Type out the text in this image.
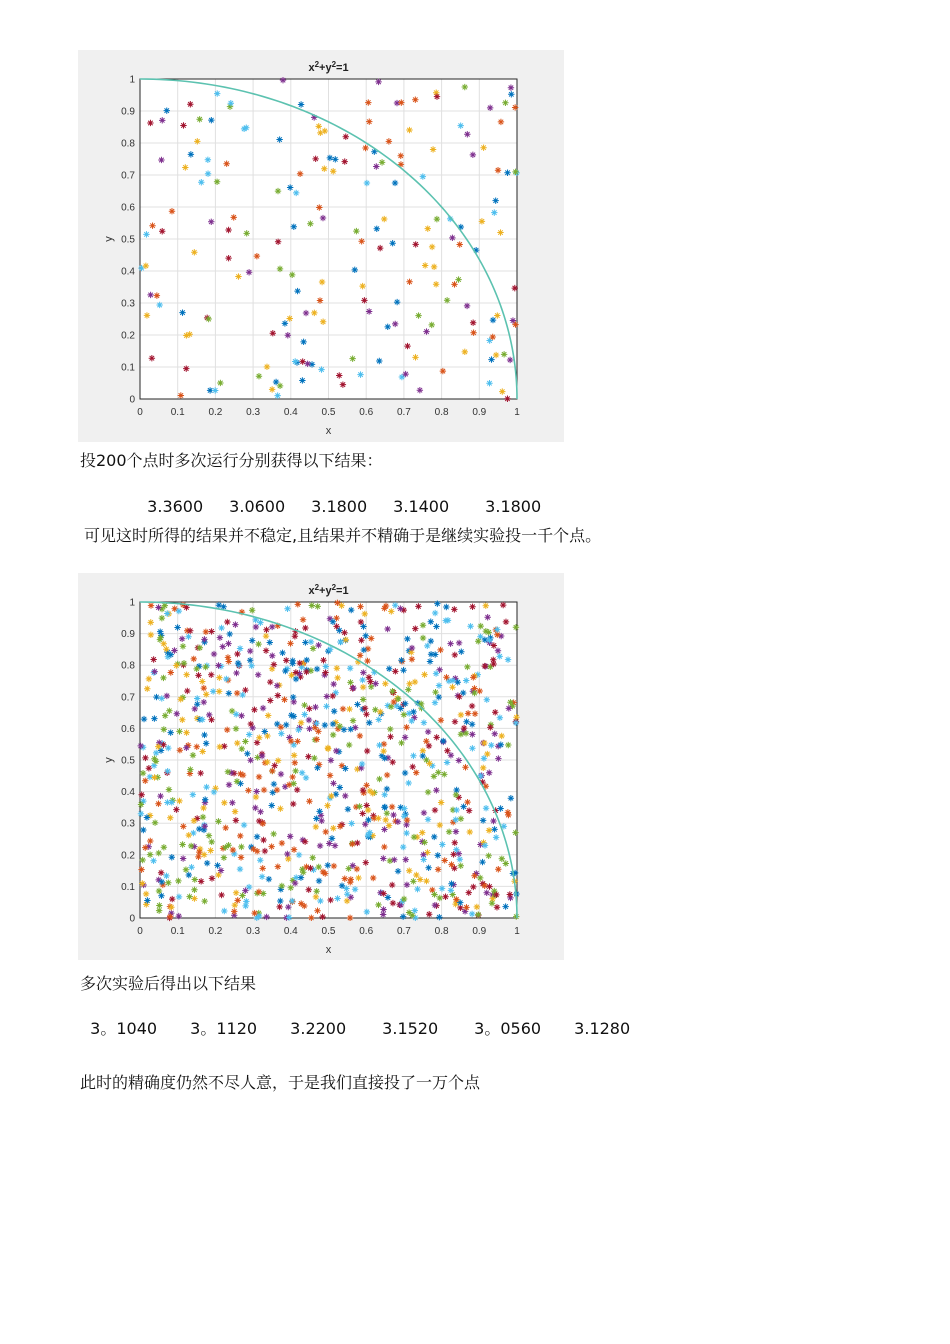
0
0
0.1
0.1
0.2
0.2
0.3
0.3
0.4
0.4
0.5
0.5
0.6
0.6
0.7
0.7
0.8
0.8
0.9
0.9
1
1
$x^2+y^2=1$
x
y
投200个点时多次运行分别获得以下结果：

3.3600 3.0600 3.1800 3.1400 3.1800

可见这时所得的结果并不稳定,且结果并不精确于是继续实验投一千个点。
0
0
0.1
0.1
0.2
0.2
0.3
0.3
0.4
0.4
0.5
0.5
0.6
0.6
0.7
0.7
0.8
0.8
0.9
0.9
1
1
$x^2+y^2=1$
x
y
多次实验后得出以下结果

3。1040 3。1120 3.2200 3.1520 3。0560 3.1280

此时的精确度仍然不尽人意，于是我们直接投了一万个点
